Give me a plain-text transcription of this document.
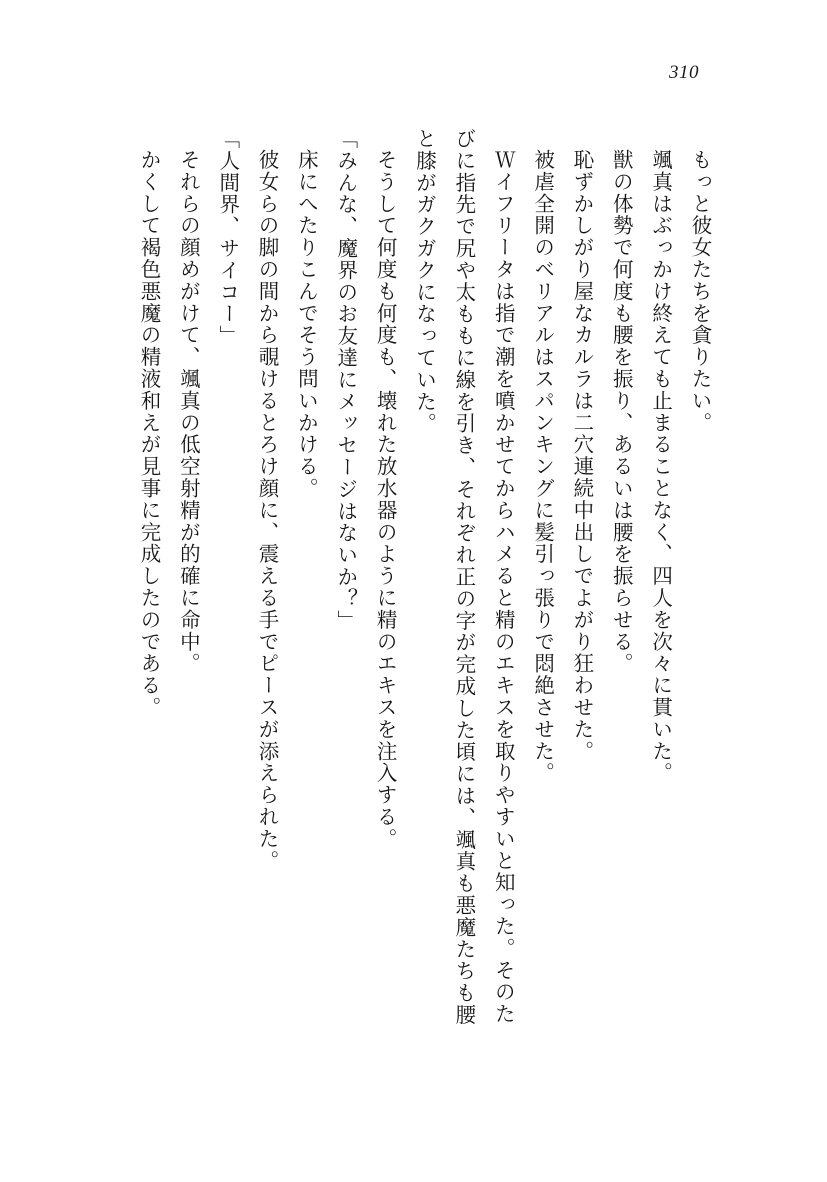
310

もっと彼女たちを貪りたい。

颯真はぶっかけ終えても止まることなく、四人を次々に貫いた。

獣の体勢で何度も腰を振り、あるいは腰を振らせる。

恥ずかしがり屋なカルラは二穴連続中出しでよがり狂わせた。

被虐全開のベリアルはスパンキングに髪引っ張りで悶絶させた。

Ｗイフリータは指で潮を噴かせてからハメると精のエキスを取りやすいと知った。そのたびに指先で尻や太ももに線を引き、それぞれ正の字が完成した頃には、颯真も悪魔たちも腰と膝がガクガクになっていた。

そうして何度も何度も、壊れた放水器のように精のエキスを注入する。

「みんな、魔界のお友達にメッセージはないか？」

床にへたりこんでそう問いかける。

彼女らの脚の間から覗けるとろけ顔に、震える手でピースが添えられた。

「人間界、サイコー」

それらの顔めがけて、颯真の低空射精が的確に命中。

かくして褐色悪魔の精液和えが見事に完成したのである。
